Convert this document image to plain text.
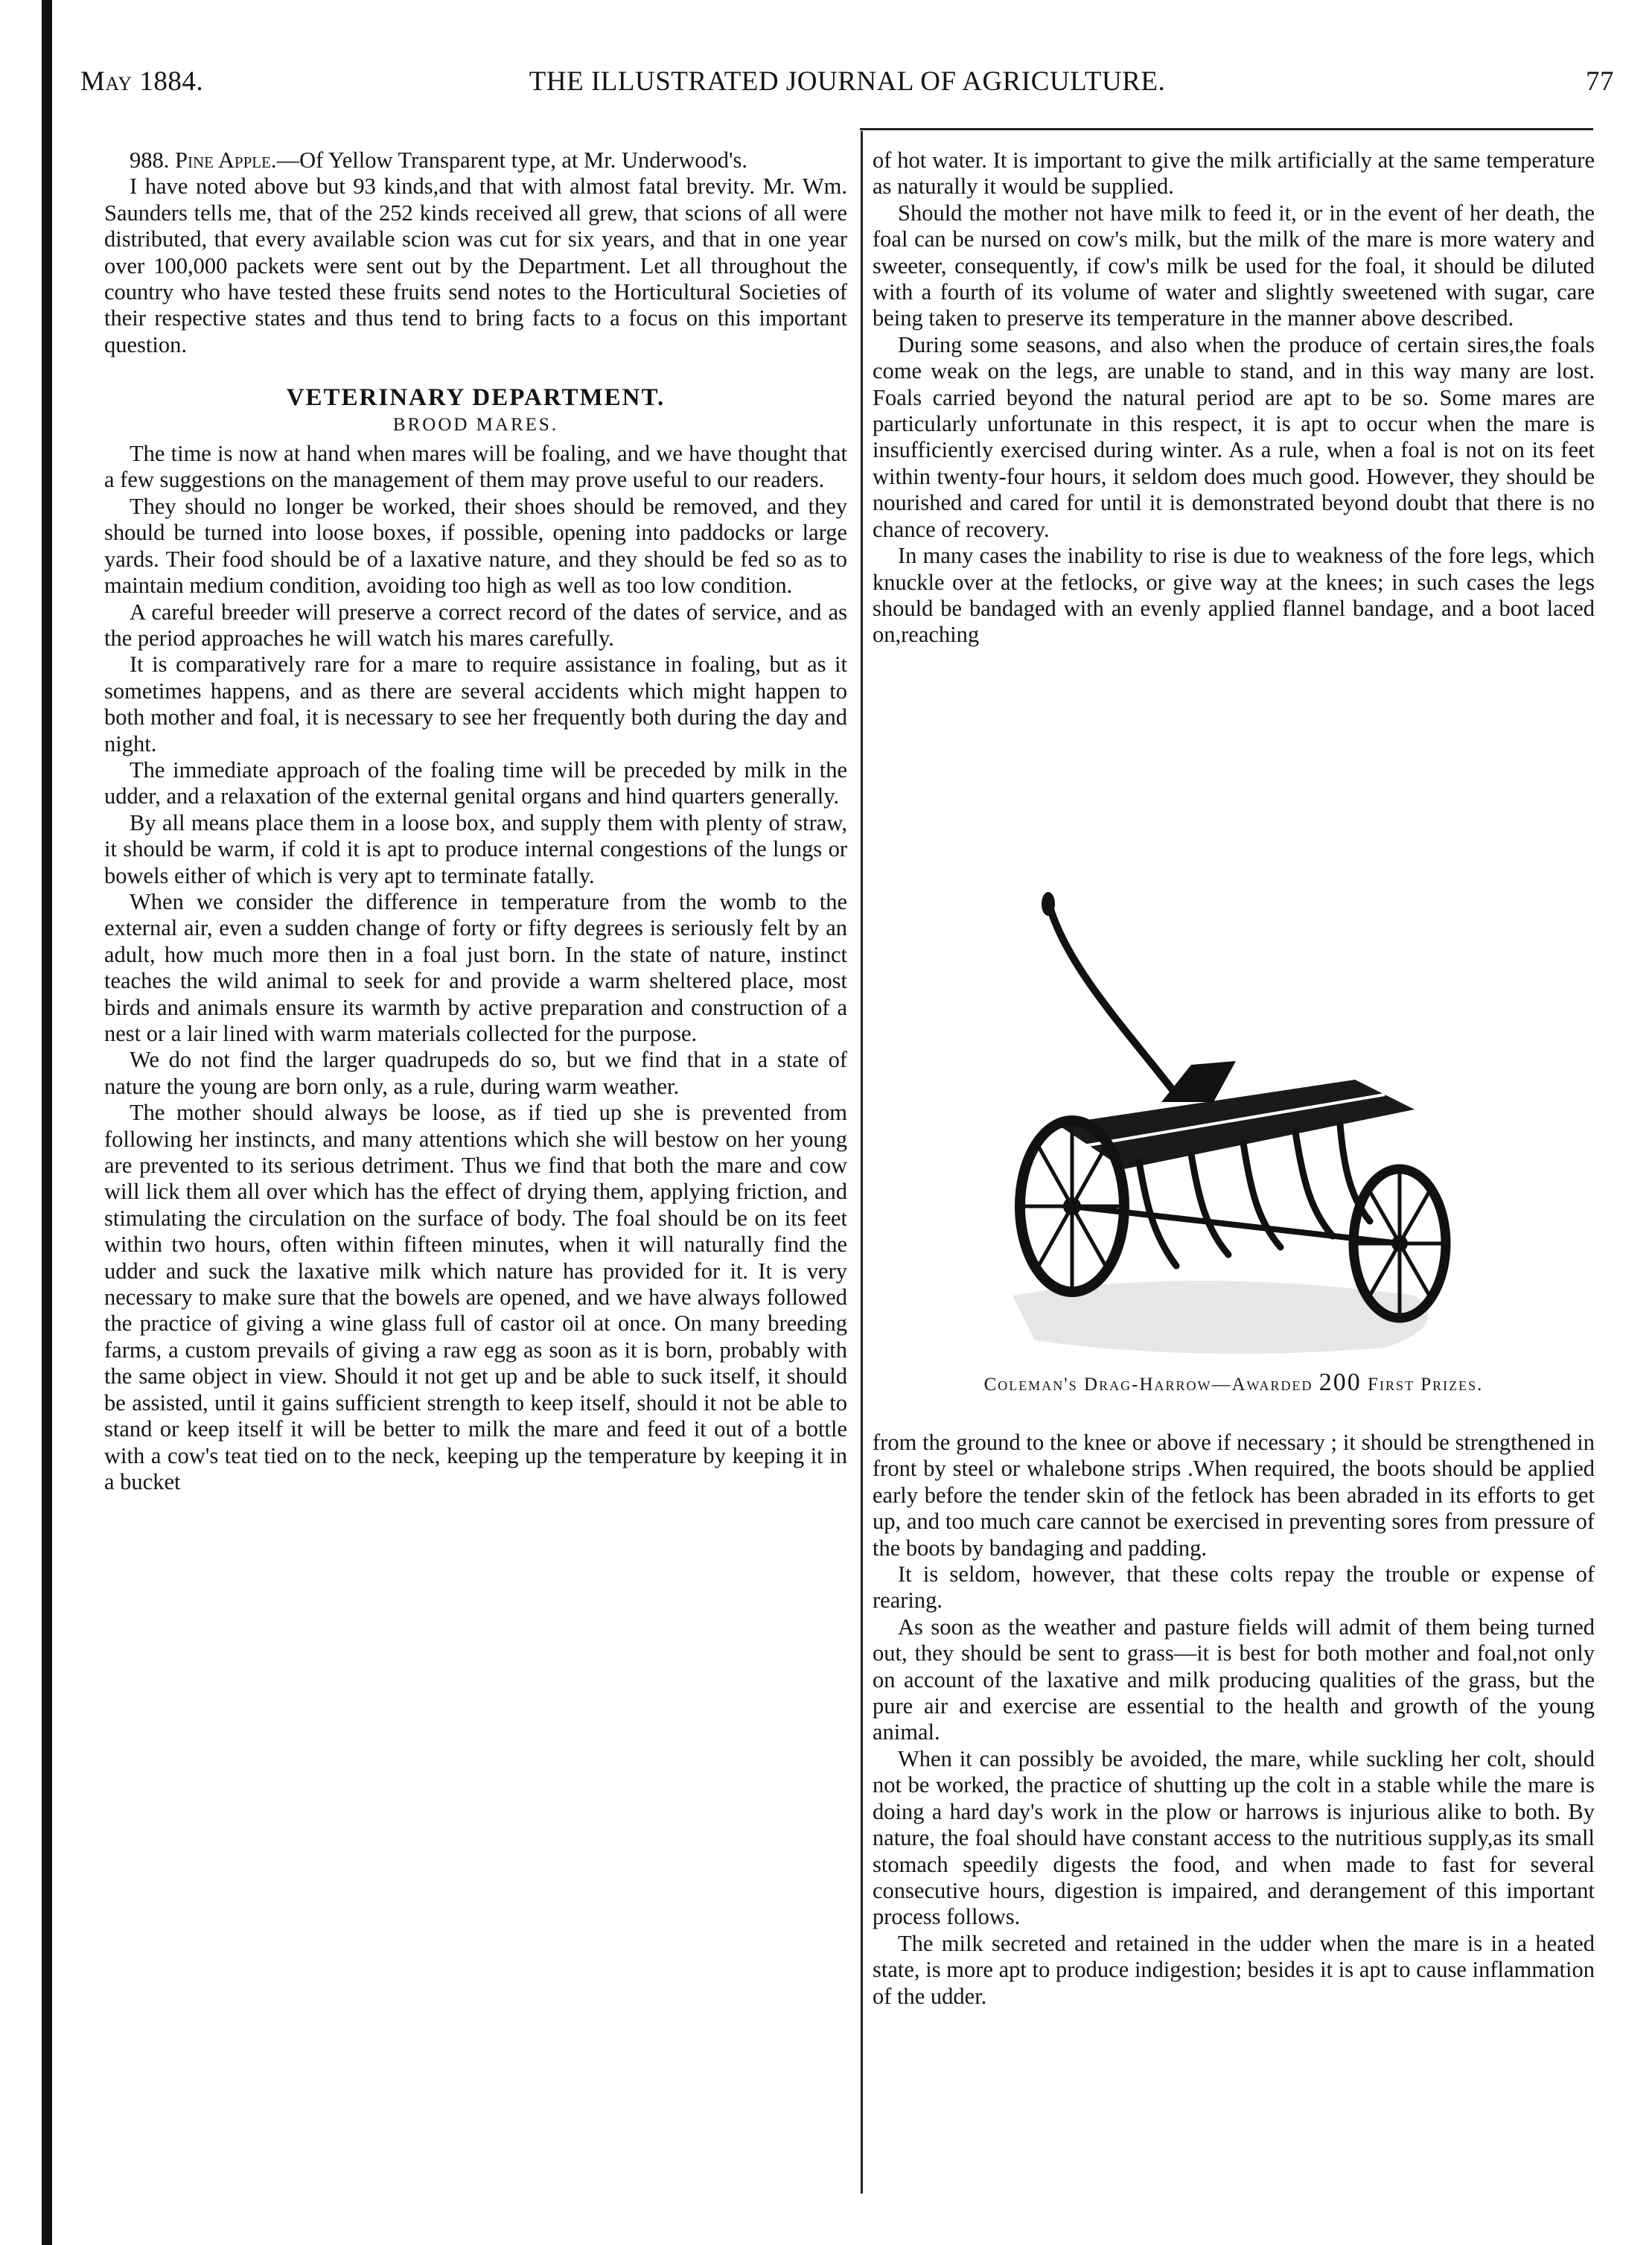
May 1884.	THE ILLUSTRATED JOURNAL OF AGRICULTURE.	77

988. Pine Apple.—Of Yellow Transparent type, at Mr. Underwood's.

I have noted above but 93 kinds,and that with almost fatal brevity. Mr. Wm. Saunders tells me, that of the 252 kinds received all grew, that scions of all were distributed, that every available scion was cut for six years, and that in one year over 100,000 packets were sent out by the Department. Let all throughout the country who have tested these fruits send notes to the Horticultural Societies of their respective states and thus tend to bring facts to a focus on this important question.

VETERINARY DEPARTMENT.
BROOD MARES.

The time is now at hand when mares will be foaling, and we have thought that a few suggestions on the management of them may prove useful to our readers.

They should no longer be worked, their shoes should be removed, and they should be turned into loose boxes, if possible, opening into paddocks or large yards. Their food should be of a laxative nature, and they should be fed so as to maintain medium condition, avoiding too high as well as too low condition.

A careful breeder will preserve a correct record of the dates of service, and as the period approaches he will watch his mares carefully.

It is comparatively rare for a mare to require assistance in foaling, but as it sometimes happens, and as there are several accidents which might happen to both mother and foal, it is necessary to see her frequently both during the day and night.

The immediate approach of the foaling time will be preceded by milk in the udder, and a relaxation of the external genital organs and hind quarters generally.

By all means place them in a loose box, and supply them with plenty of straw, it should be warm, if cold it is apt to produce internal congestions of the lungs or bowels either of which is very apt to terminate fatally.

When we consider the difference in temperature from the womb to the external air, even a sudden change of forty or fifty degrees is seriously felt by an adult, how much more then in a foal just born. In the state of nature, instinct teaches the wild animal to seek for and provide a warm sheltered place, most birds and animals ensure its warmth by active preparation and construction of a nest or a lair lined with warm materials collected for the purpose.

We do not find the larger quadrupeds do so, but we find that in a state of nature the young are born only, as a rule, during warm weather.

The mother should always be loose, as if tied up she is prevented from following her instincts, and many attentions which she will bestow on her young are prevented to its serious detriment. Thus we find that both the mare and cow will lick them all over which has the effect of drying them, applying friction, and stimulating the circulation on the surface of body. The foal should be on its feet within two hours, often within fifteen minutes, when it will naturally find the udder and suck the laxative milk which nature has provided for it. It is very necessary to make sure that the bowels are opened, and we have always followed the practice of giving a wine glass full of castor oil at once. On many breeding farms, a custom prevails of giving a raw egg as soon as it is born, probably with the same object in view. Should it not get up and be able to suck itself, it should be assisted, until it gains sufficient strength to keep itself, should it not be able to stand or keep itself it will be better to milk the mare and feed it out of a bottle with a cow's teat tied on to the neck, keeping up the temperature by keeping it in a bucket

of hot water. It is important to give the milk artificially at the same temperature as naturally it would be supplied.

Should the mother not have milk to feed it, or in the event of her death, the foal can be nursed on cow's milk, but the milk of the mare is more watery and sweeter, consequently, if cow's milk be used for the foal, it should be diluted with a fourth of its volume of water and slightly sweetened with sugar, care being taken to preserve its temperature in the manner above described.

During some seasons, and also when the produce of certain sires,the foals come weak on the legs, are unable to stand, and in this way many are lost. Foals carried beyond the natural period are apt to be so. Some mares are particularly unfortunate in this respect, it is apt to occur when the mare is insufficiently exercised during winter. As a rule, when a foal is not on its feet within twenty-four hours, it seldom does much good. However, they should be nourished and cared for until it is demonstrated beyond doubt that there is no chance of recovery.

In many cases the inability to rise is due to weakness of the fore legs, which knuckle over at the fetlocks, or give way at the knees; in such cases the legs should be bandaged with an evenly applied flannel bandage, and a boot laced on,reaching

Coleman's Drag-Harrow—Awarded 200 First Prizes.

from the ground to the knee or above if necessary ; it should be strengthened in front by steel or whalebone strips .When required, the boots should be applied early before the tender skin of the fetlock has been abraded in its efforts to get up, and too much care cannot be exercised in preventing sores from pressure of the boots by bandaging and padding.

It is seldom, however, that these colts repay the trouble or expense of rearing.

As soon as the weather and pasture fields will admit of them being turned out, they should be sent to grass—it is best for both mother and foal,not only on account of the laxative and milk producing qualities of the grass, but the pure air and exercise are essential to the health and growth of the young animal.

When it can possibly be avoided, the mare, while suckling her colt, should not be worked, the practice of shutting up the colt in a stable while the mare is doing a hard day's work in the plow or harrows is injurious alike to both. By nature, the foal should have constant access to the nutritious supply,as its small stomach speedily digests the food, and when made to fast for several consecutive hours, digestion is impaired, and derangement of this important process follows.

The milk secreted and retained in the udder when the mare is in a heated state, is more apt to produce indigestion; besides it is apt to cause inflammation of the udder.
